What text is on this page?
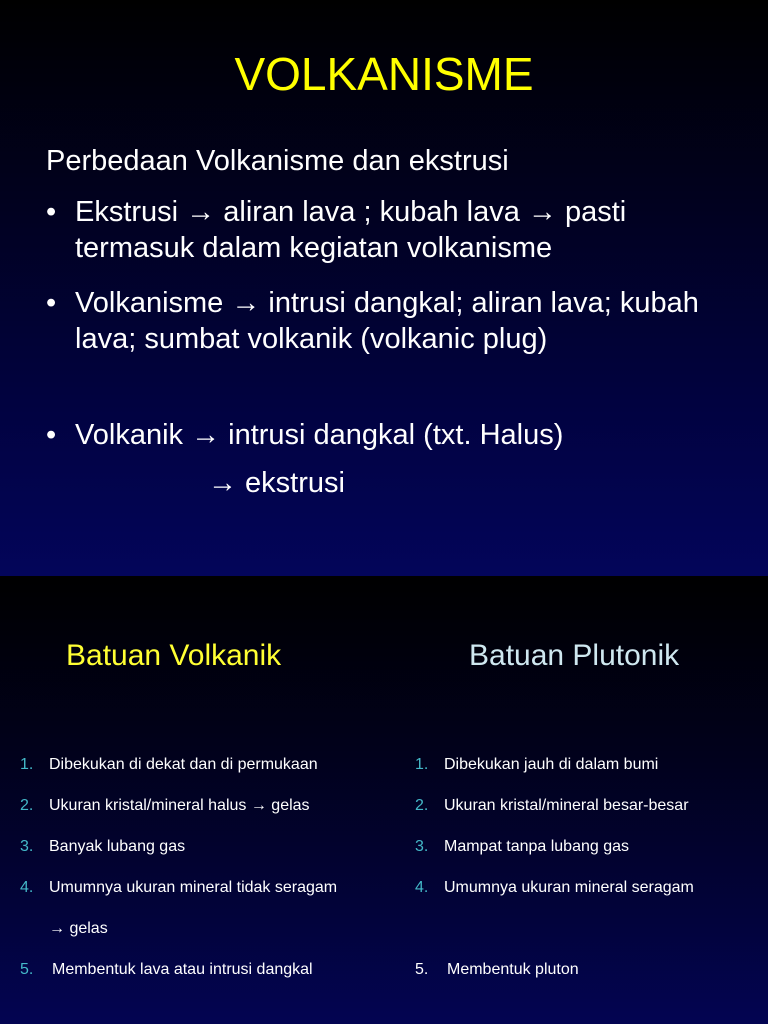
VOLKANISME
Perbedaan Volkanisme dan ekstrusi
• Ekstrusi → aliran lava ; kubah lava → pasti termasuk dalam kegiatan volkanisme
• Volkanisme → intrusi dangkal; aliran lava; kubah lava; sumbat volkanik (volkanic plug)
• Volkanik → intrusi dangkal (txt. Halus)
→ ekstrusi
Batuan Volkanik	Batuan Plutonik
1. Dibekukan di dekat dan di permukaan
2. Ukuran kristal/mineral halus → gelas
3. Banyak lubang gas
4. Umumnya ukuran mineral tidak seragam
→ gelas
5. Membentuk lava atau intrusi dangkal
1. Dibekukan jauh di dalam bumi
2. Ukuran kristal/mineral besar-besar
3. Mampat tanpa lubang gas
4. Umumnya ukuran mineral seragam

5. Membentuk pluton
